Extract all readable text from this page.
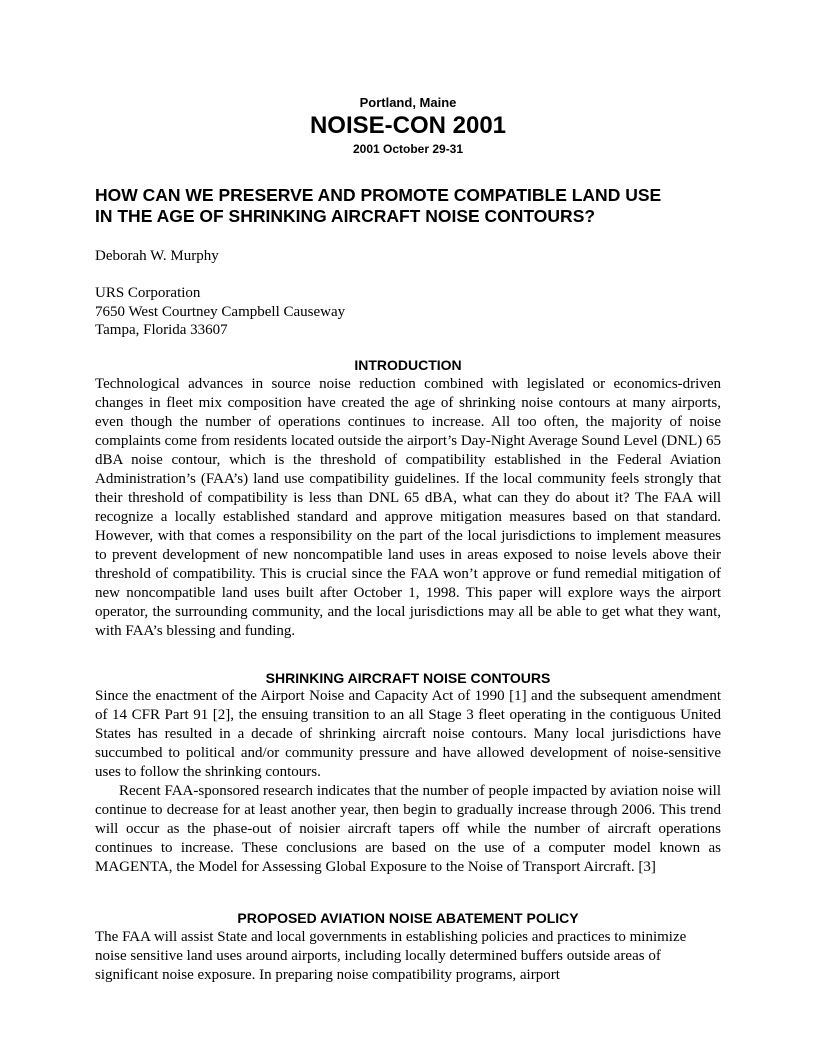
Portland, Maine
NOISE-CON 2001
2001 October 29-31
HOW CAN WE PRESERVE AND PROMOTE COMPATIBLE LAND USE
IN THE AGE OF SHRINKING AIRCRAFT NOISE CONTOURS?
Deborah W. Murphy
URS Corporation
7650 West Courtney Campbell Causeway
Tampa, Florida 33607
INTRODUCTION

Technological advances in source noise reduction combined with legislated or economics-driven changes in fleet mix composition have created the age of shrinking noise contours at many airports, even though the number of operations continues to increase. All too often, the majority of noise complaints come from residents located outside the airport’s Day-Night Average Sound Level (DNL) 65 dBA noise contour, which is the threshold of compatibility established in the Federal Aviation Administration’s (FAA’s) land use compatibility guidelines. If the local community feels strongly that their threshold of compatibility is less than DNL 65 dBA, what can they do about it? The FAA will recognize a locally established standard and approve mitigation measures based on that standard. However, with that comes a responsibility on the part of the local jurisdictions to implement measures to prevent development of new noncompatible land uses in areas exposed to noise levels above their threshold of compatibility. This is crucial since the FAA won’t approve or fund remedial mitigation of new noncompatible land uses built after October 1, 1998. This paper will explore ways the airport operator, the surrounding community, and the local jurisdictions may all be able to get what they want, with FAA’s blessing and funding.

SHRINKING AIRCRAFT NOISE CONTOURS

Since the enactment of the Airport Noise and Capacity Act of 1990 [1] and the subsequent amendment of 14 CFR Part 91 [2], the ensuing transition to an all Stage 3 fleet operating in the contiguous United States has resulted in a decade of shrinking aircraft noise contours. Many local jurisdictions have succumbed to political and/or community pressure and have allowed development of noise-sensitive uses to follow the shrinking contours.

Recent FAA-sponsored research indicates that the number of people impacted by aviation noise will continue to decrease for at least another year, then begin to gradually increase through 2006. This trend will occur as the phase-out of noisier aircraft tapers off while the number of aircraft operations continues to increase. These conclusions are based on the use of a computer model known as MAGENTA, the Model for Assessing Global Exposure to the Noise of Transport Aircraft. [3]

PROPOSED AVIATION NOISE ABATEMENT POLICY

The FAA will assist State and local governments in establishing policies and practices to minimize noise sensitive land uses around airports, including locally determined buffers outside areas of significant noise exposure. In preparing noise compatibility programs, airport
